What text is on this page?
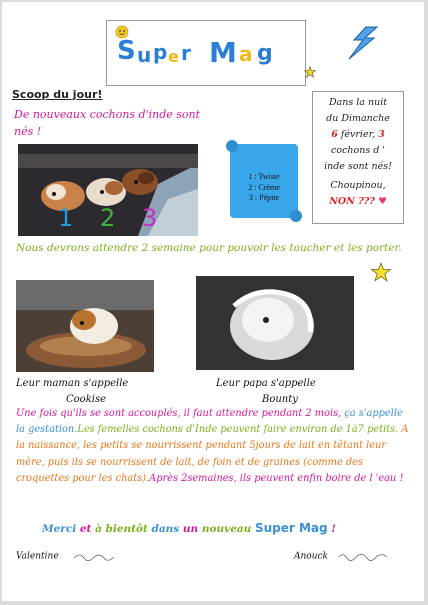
S u p e r M a g
Scoop du jour!
De nouveaux cochons d'inde sont nés !
Dans la nuit
du Dimanche
6 février, 3
cochons d '
inde sont nés!
Choupinou,
NON ??? ♥
1 2 3
1 : Twiste
2 : Crème
3 : Pépite
Nous devrons attendre 2 semaine pour pouvoir les toucher et les porter.
Leur maman s'appelle
Cookise
Leur papa s'appelle
Bounty
Une fois qu'ils se sont accouplés, il faut attendre pendant 2 mois, ça s'appelle la gestation.Les femelles cochons d'Inde peuvent faire environ de 1à7 petits. A la naissance, les petits se nourrissent pendant 5jours de lait en têtant leur mère, puis ils se nourrissent de lait, de foin et de graines (comme des croquettes pour les chats).Après 2semaines, ils peuvent enfin boire de l 'eau !
Merci et à bientôt dans un nouveau Super Mag !
Valentine	Anouck
